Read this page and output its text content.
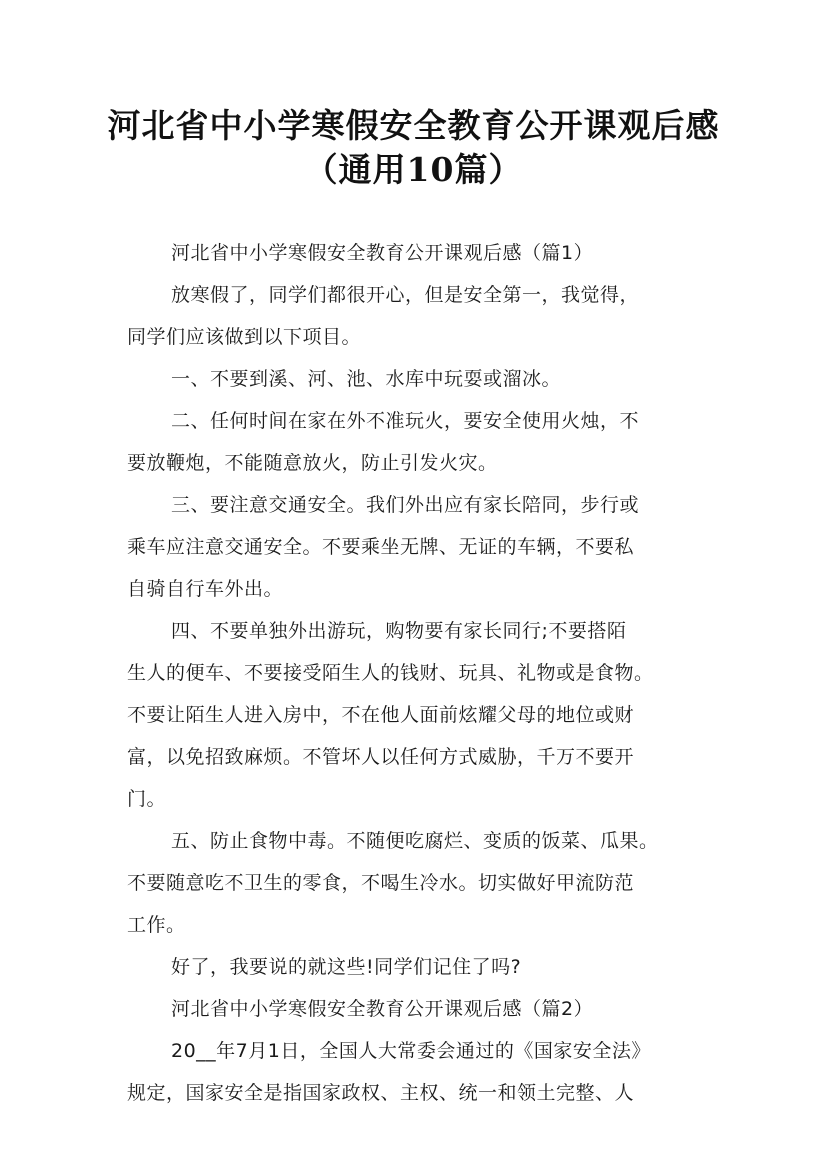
河北省中小学寒假安全教育公开课观后感
（通用10篇）
河北省中小学寒假安全教育公开课观后感（篇1）
放寒假了，同学们都很开心，但是安全第一，我觉得，
同学们应该做到以下项目。
一、不要到溪、河、池、水库中玩耍或溜冰。
二、任何时间在家在外不准玩火，要安全使用火烛，不
要放鞭炮，不能随意放火，防止引发火灾。
三、要注意交通安全。我们外出应有家长陪同，步行或
乘车应注意交通安全。不要乘坐无牌、无证的车辆，不要私
自骑自行车外出。
四、不要单独外出游玩，购物要有家长同行;不要搭陌
生人的便车、不要接受陌生人的钱财、玩具、礼物或是食物。
不要让陌生人进入房中，不在他人面前炫耀父母的地位或财
富，以免招致麻烦。不管坏人以任何方式威胁，千万不要开
门。
五、防止食物中毒。不随便吃腐烂、变质的饭菜、瓜果。
不要随意吃不卫生的零食，不喝生冷水。切实做好甲流防范
工作。
好了，我要说的就这些!同学们记住了吗?
河北省中小学寒假安全教育公开课观后感（篇2）
20__年7月1日，全国人大常委会通过的《国家安全法》
规定，国家安全是指国家政权、主权、统一和领土完整、人
